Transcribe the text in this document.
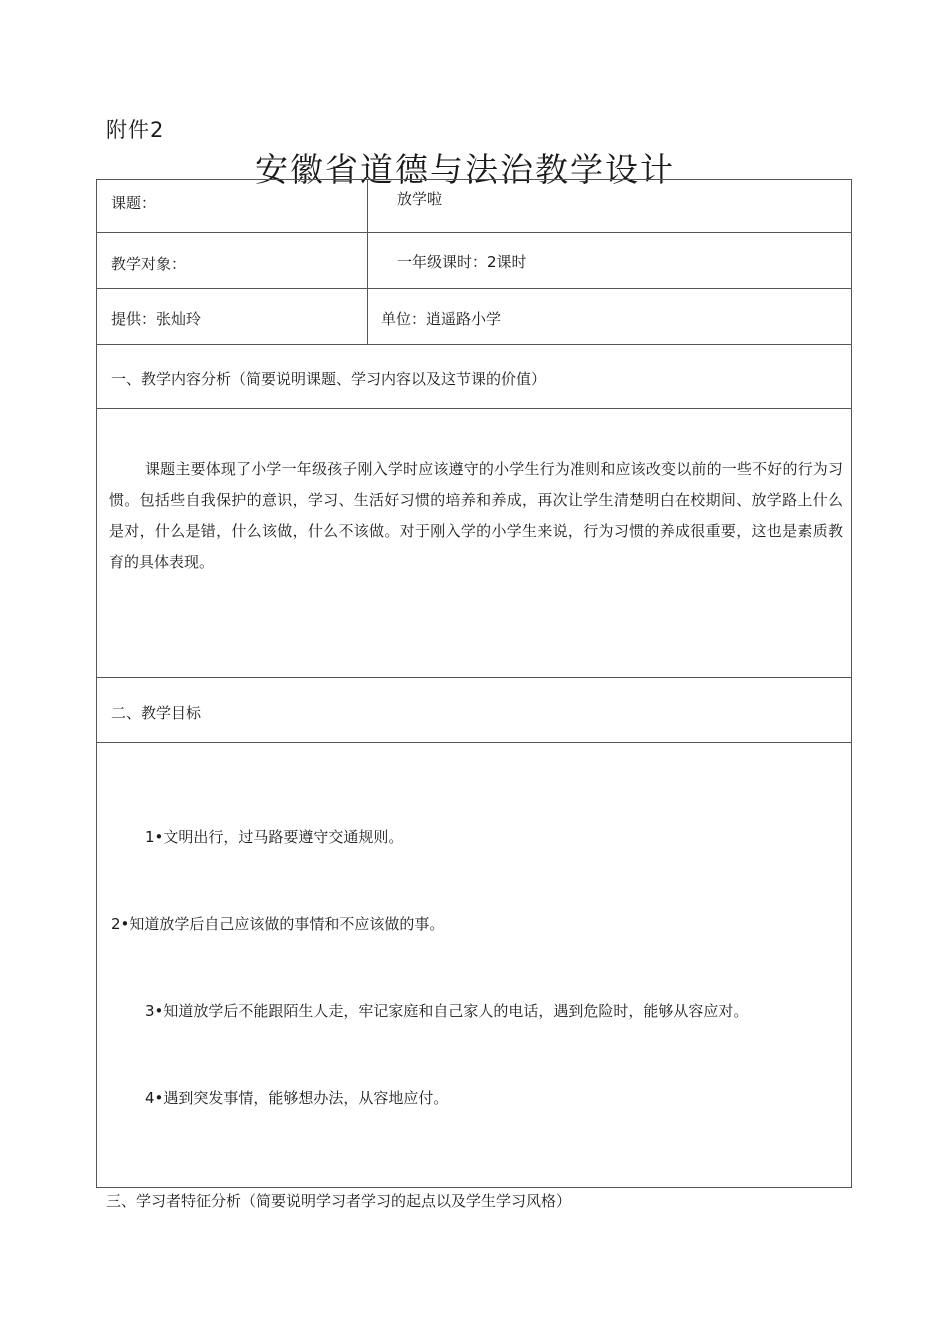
附件2
安徽省道德与法治教学设计
课题：	放学啦
教学对象：	一年级课时：2课时
提供：张灿玲	单位：逍遥路小学
一、教学内容分析（简要说明课题、学习内容以及这节课的价值）
课题主要体现了小学一年级孩子刚入学时应该遵守的小学生行为准则和应该改变以前的一些不好的行为习惯。包括些自我保护的意识，学习、生活好习惯的培养和养成，再次让学生清楚明白在校期间、放学路上什么是对，什么是错，什么该做，什么不该做。对于刚入学的小学生来说，行为习惯的养成很重要，这也是素质教育的具体表现。
二、教学目标
1•文明出行，过马路要遵守交通规则。
2•知道放学后自己应该做的事情和不应该做的事。
3•知道放学后不能跟陌生人走，牢记家庭和自己家人的电话，遇到危险时，能够从容应对。
4•遇到突发事情，能够想办法，从容地应付。
三、学习者特征分析（简要说明学习者学习的起点以及学生学习风格）
